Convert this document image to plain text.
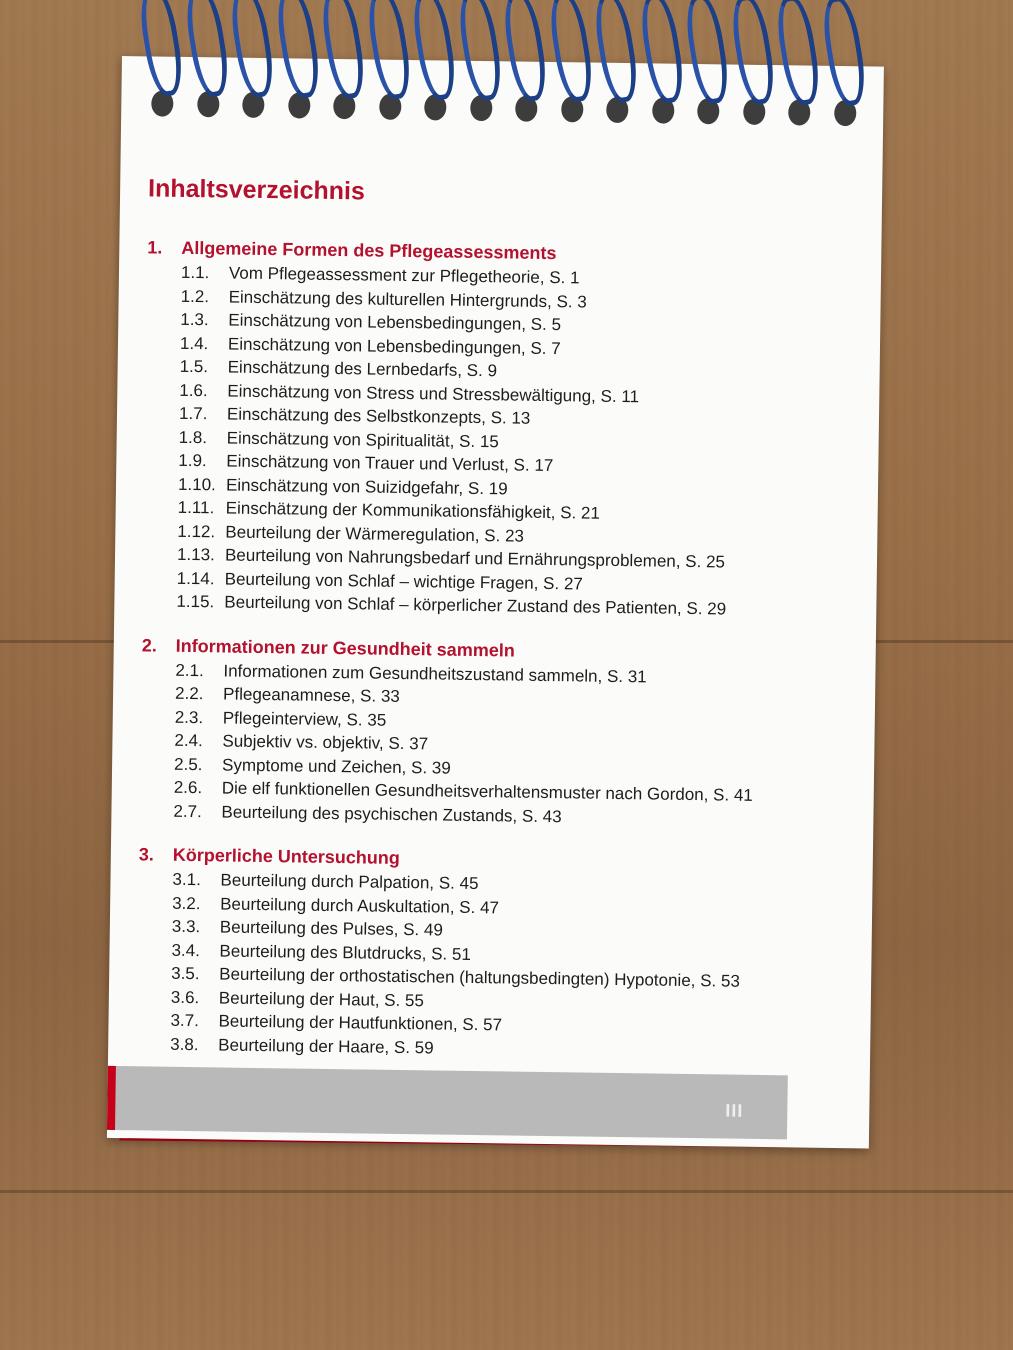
Inhaltsverzeichnis
1.	Allgemeine Formen des Pflegeassessments
1.1.	Vom Pflegeassessment zur Pflegetheorie, S. 1
1.2.	Einschätzung des kulturellen Hintergrunds, S. 3
1.3.	Einschätzung von Lebensbedingungen, S. 5
1.4.	Einschätzung von Lebensbedingungen, S. 7
1.5.	Einschätzung des Lernbedarfs, S. 9
1.6.	Einschätzung von Stress und Stressbewältigung, S. 11
1.7.	Einschätzung des Selbstkonzepts, S. 13
1.8.	Einschätzung von Spiritualität, S. 15
1.9.	Einschätzung von Trauer und Verlust, S. 17
1.10. Einschätzung von Suizidgefahr, S. 19
1.11. Einschätzung der Kommunikationsfähigkeit, S. 21
1.12. Beurteilung der Wärmeregulation, S. 23
1.13. Beurteilung von Nahrungsbedarf und Ernährungsproblemen, S. 25
1.14. Beurteilung von Schlaf – wichtige Fragen, S. 27
1.15. Beurteilung von Schlaf – körperlicher Zustand des Patienten, S. 29
2.	Informationen zur Gesundheit sammeln
2.1.	Informationen zum Gesundheitszustand sammeln, S. 31
2.2.	Pflegeanamnese, S. 33
2.3.	Pflegeinterview, S. 35
2.4.	Subjektiv vs. objektiv, S. 37
2.5.	Symptome und Zeichen, S. 39
2.6.	Die elf funktionellen Gesundheitsverhaltensmuster nach Gordon, S. 41
2.7.	Beurteilung des psychischen Zustands, S. 43
3.	Körperliche Untersuchung
3.1.	Beurteilung durch Palpation, S. 45
3.2.	Beurteilung durch Auskultation, S. 47
3.3.	Beurteilung des Pulses, S. 49
3.4.	Beurteilung des Blutdrucks, S. 51
3.5.	Beurteilung der orthostatischen (haltungsbedingten) Hypotonie, S. 53
3.6.	Beurteilung der Haut, S. 55
3.7.	Beurteilung der Hautfunktionen, S. 57
3.8.	Beurteilung der Haare, S. 59
III
